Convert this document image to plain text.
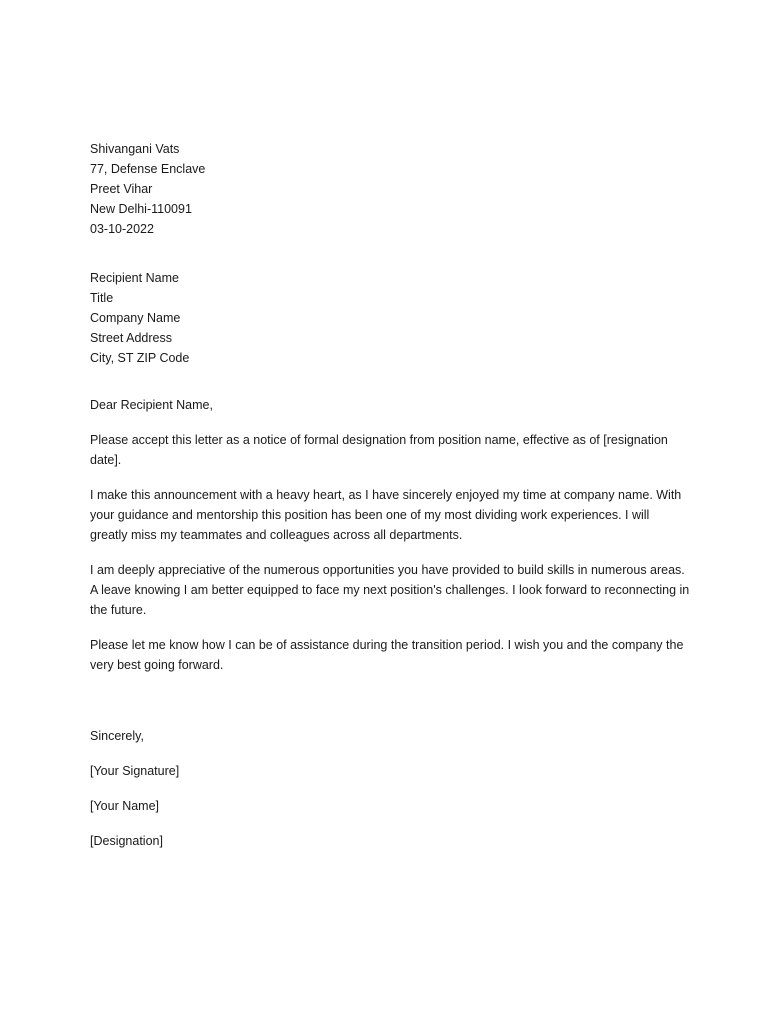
Shivangani Vats
77, Defense Enclave
Preet Vihar
New Delhi-110091
03-10-2022
Recipient Name
Title
Company Name
Street Address
City, ST ZIP Code

Dear Recipient Name,

Please accept this letter as a notice of formal designation from position name, effective as of [resignation date].

I make this announcement with a heavy heart, as I have sincerely enjoyed my time at company name. With your guidance and mentorship this position has been one of my most dividing work experiences. I will greatly miss my teammates and colleagues across all departments.

I am deeply appreciative of the numerous opportunities you have provided to build skills in numerous areas. A leave knowing I am better equipped to face my next position's challenges. I look forward to reconnecting in the future.

Please let me know how I can be of assistance during the transition period. I wish you and the company the very best going forward.

Sincerely,
[Your Signature]
[Your Name]
[Designation]
